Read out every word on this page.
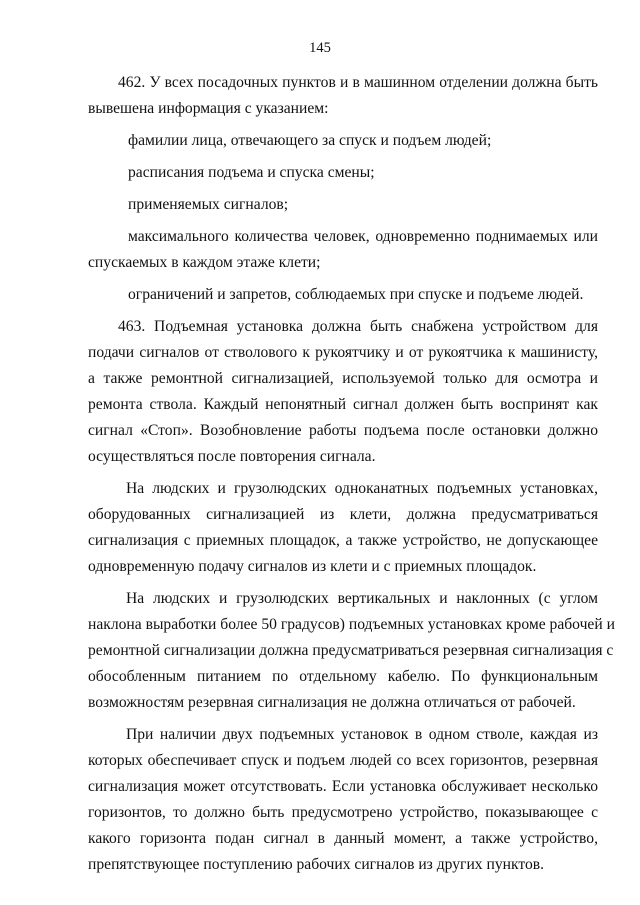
145
462. У всех посадочных пунктов и в машинном отделении должна быть
вывешена информация с указанием:
фамилии лица, отвечающего за спуск и подъем людей;
расписания подъема и спуска смены;
применяемых сигналов;
максимального количества человек, одновременно поднимаемых или
спускаемых в каждом этаже клети;
ограничений и запретов, соблюдаемых при спуске и подъеме людей.
463. Подъемная установка должна быть снабжена устройством для
подачи сигналов от стволового к рукоятчику и от рукоятчика к машинисту,
а также ремонтной сигнализацией, используемой только для осмотра и
ремонта ствола. Каждый непонятный сигнал должен быть воспринят как
сигнал «Стоп». Возобновление работы подъема после остановки должно
осуществляться после повторения сигнала.
На людских и грузолюдских одноканатных подъемных установках,
оборудованных сигнализацией из клети, должна предусматриваться
сигнализация с приемных площадок, а также устройство, не допускающее
одновременную подачу сигналов из клети и с приемных площадок.
На людских и грузолюдских вертикальных и наклонных (с углом
наклона выработки более 50 градусов) подъемных установках кроме рабочей и
ремонтной сигнализации должна предусматриваться резервная сигнализация с
обособленным питанием по отдельному кабелю. По функциональным
возможностям резервная сигнализация не должна отличаться от рабочей.
При наличии двух подъемных установок в одном стволе, каждая из
которых обеспечивает спуск и подъем людей со всех горизонтов, резервная
сигнализация может отсутствовать. Если установка обслуживает несколько
горизонтов, то должно быть предусмотрено устройство, показывающее с
какого горизонта подан сигнал в данный момент, а также устройство,
препятствующее поступлению рабочих сигналов из других пунктов.
